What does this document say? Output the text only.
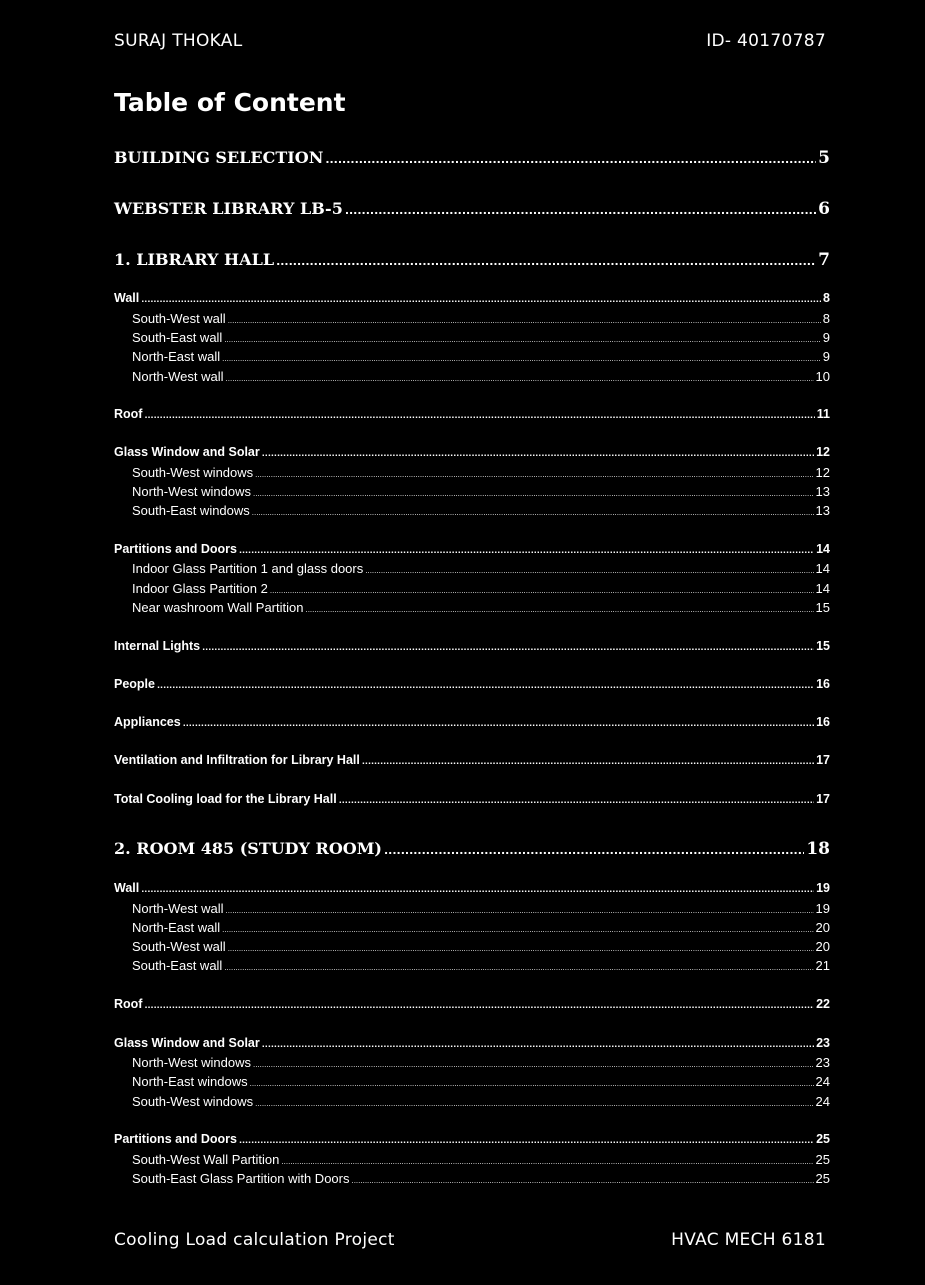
SURAJ THOKAL	ID- 40170787
Table of Content
BUILDING SELECTION .....	5
WEBSTER LIBRARY LB-5 .....	6
1. LIBRARY HALL .....	7
Wall .....	8
South-West wall .....	8
South-East wall .....	9
North-East wall .....	9
North-West wall .....	10
Roof .....	11
Glass Window and Solar .....	12
South-West windows .....	12
North-West windows .....	13
South-East windows .....	13
Partitions and Doors .....	14
Indoor Glass Partition 1 and glass doors .....	14
Indoor Glass Partition 2 .....	14
Near washroom Wall Partition .....	15
Internal Lights .....	15
People .....	16
Appliances .....	16
Ventilation and Infiltration for Library Hall .....	17
Total Cooling load for the Library Hall .....	17
2. ROOM 485 (STUDY ROOM) .....	18
Wall .....	19
North-West wall .....	19
North-East wall .....	20
South-West wall .....	20
South-East wall .....	21
Roof .....	22
Glass Window and Solar .....	23
North-West windows .....	23
North-East windows .....	24
South-West windows .....	24
Partitions and Doors .....	25
South-West Wall Partition .....	25
South-East Glass Partition with Doors .....	25
Cooling Load calculation Project	HVAC MECH 6181
